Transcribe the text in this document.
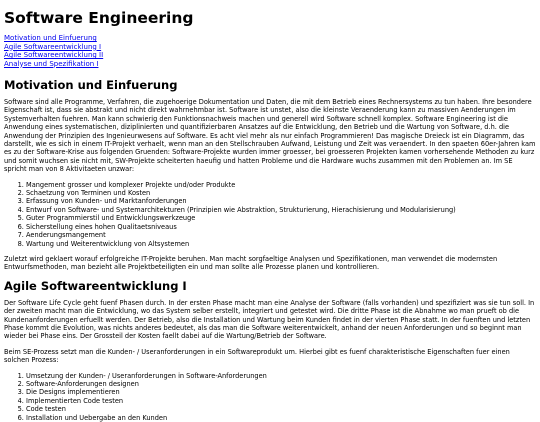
Software Engineering
Motivation und Einfuerung
Agile Softwareentwicklung I
Agile Softwareentwicklung II
Analyse und Spezifikation I
Motivation und Einfuerung

Software sind alle Programme, Verfahren, die zugehoerige Dokumentation und Daten, die mit dem Betrieb eines Rechnersystems zu tun haben. Ihre besondere Eigenschaft ist, dass sie abstrakt und nicht direkt wahrnehmbar ist. Software ist unstet, also die kleinste Veraenderung kann zu massiven Aenderungen im Systemverhalten fuehren. Man kann schwierig den Funktionsnachweis machen und generell wird Software schnell komplex. Software Engineering ist die Anwendung eines systematischen, diziplinierten und quantifizierbaren Ansatzes auf die Entwicklung, den Betrieb und die Wartung von Software, d.h. die Anwendung der Prinzipien des Ingenieurwesens auf Software. Es acht viel mehr als nur einfach Programmieren! Das magische Dreieck ist ein Diagramm, das darstellt, wie es sich in einem IT-Projekt verhaelt, wenn man an den Stellschrauben Aufwand, Leistung und Zeit was veraendert. In den spaeten 60er-Jahren kam es zu der Software-Krise aus folgenden Gruenden: Software-Projekte wurden immer groesser, bei groesseren Projekten kamen vorhersehende Methoden zu kurz und somit wuchsen sie nicht mit, SW-Projekte scheiterten haeufig und hatten Probleme und die Hardware wuchs zusammen mit den Problemen an. Im SE spricht man von 8 Aktivitaeten unzwar:

1. Mangement grosser und komplexer Projekte und/oder Produkte
2. Schaetzung von Terminen und Kosten
3. Erfassung von Kunden- und Marktanforderungen
4. Entwurf von Software- und Systemarchitekturen (Prinzipien wie Abstraktion, Strukturierung, Hierachisierung und Modularisierung)
5. Guter Programmierstil und Entwicklungswerkzeuge
6. Sicherstellung eines hohen Qualitaetsniveaus
7. Aenderungsmangement
8. Wartung und Weiterentwicklung von Altsystemen

Zuletzt wird geklaert worauf erfolgreiche IT-Projekte beruhen. Man macht sorgfaeltige Analysen und Spezifikationen, man verwendet die modernsten Entwurfsmethoden, man bezieht alle Projektbeteiligten ein und man sollte alle Prozesse planen und kontrollieren.

Agile Softwareentwicklung I

Der Software Life Cycle geht fuenf Phasen durch. In der ersten Phase macht man eine Analyse der Software (falls vorhanden) und spezifiziert was sie tun soll. In der zweiten macht man die Entwicklung, wo das System selber erstellt, integriert und getestet wird. Die dritte Phase ist die Abnahme wo man prueft ob die Kundenanforderungen erfuellt werden. Der Betrieb, also die Installation und Wartung beim Kunden findet in der vierten Phase statt. In der fuenften und letzten Phase kommt die Evolution, was nichts anderes bedeutet, als das man die Software weiterentwickelt, anhand der neuen Anforderungen und so beginnt man wieder bei Phase eins. Der Grossteil der Kosten faellt dabei auf die Wartung/Betrieb der Software.

Beim SE-Prozess setzt man die Kunden- / Useranforderungen in ein Softwareprodukt um. Hierbei gibt es fuenf charakteristische Eigenschaften fuer einen solchen Prozess:

1. Umsetzung der Kunden- / Useranforderungen in Software-Anforderungen
2. Software-Anforderungen designen
3. Die Designs implementieren
4. Implementierten Code testen
5. Code testen
6. Installation und Uebergabe an den Kunden
